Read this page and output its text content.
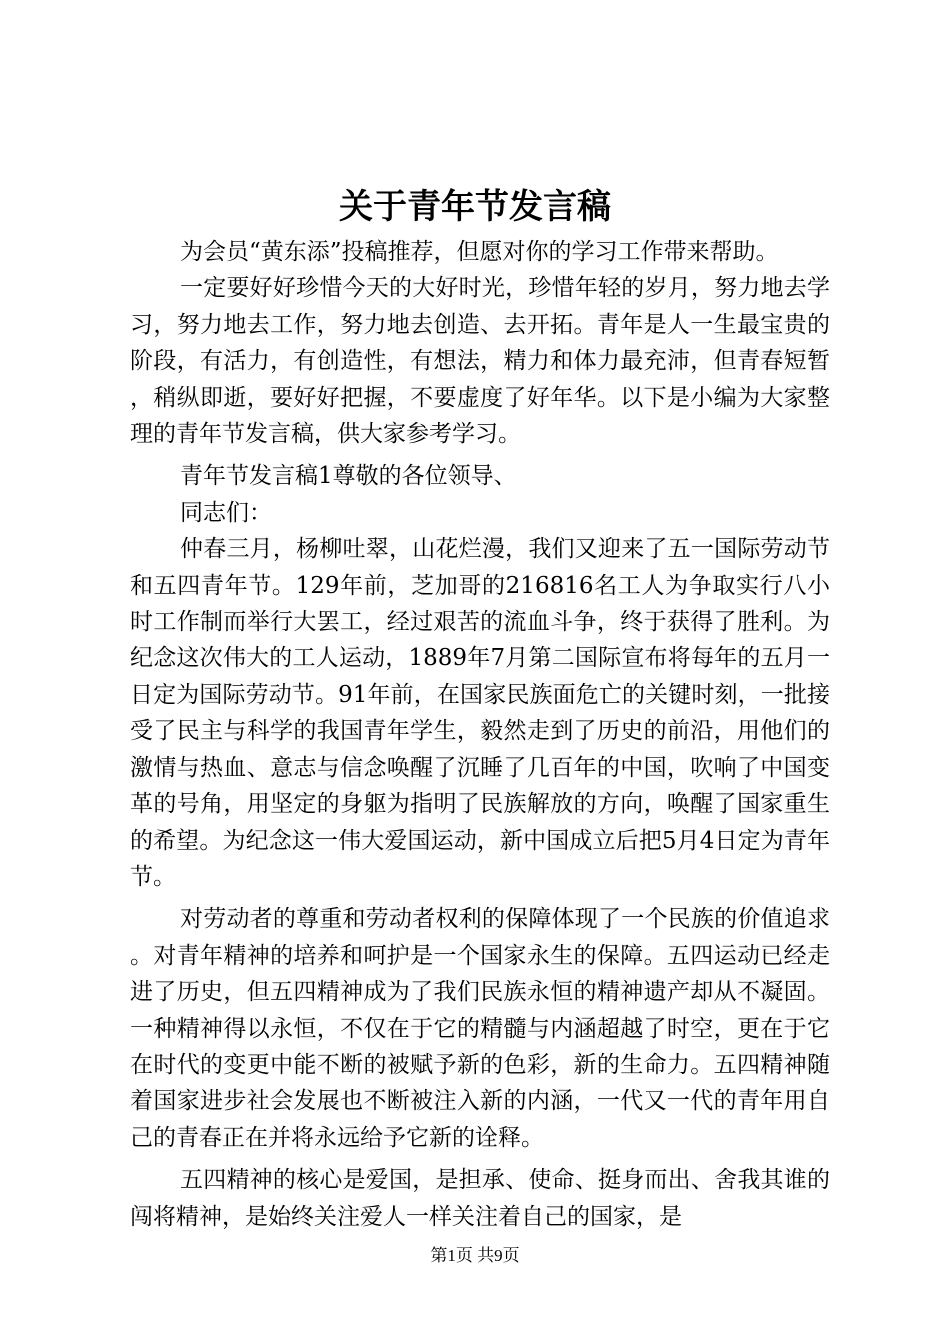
关于青年节发言稿

为会员“黄东添”投稿推荐，但愿对你的学习工作带来帮助。

一定要好好珍惜今天的大好时光，珍惜年轻的岁月，努力地去学习，努力地去工作，努力地去创造、去开拓。青年是人一生最宝贵的阶段，有活力，有创造性，有想法，精力和体力最充沛，但青春短暂，稍纵即逝，要好好把握，不要虚度了好年华。以下是小编为大家整理的青年节发言稿，供大家参考学习。

青年节发言稿1尊敬的各位领导、

同志们：

仲春三月，杨柳吐翠，山花烂漫，我们又迎来了五一国际劳动节和五四青年节。129年前，芝加哥的216816名工人为争取实行八小时工作制而举行大罢工，经过艰苦的流血斗争，终于获得了胜利。为纪念这次伟大的工人运动，1889年7月第二国际宣布将每年的五月一日定为国际劳动节。91年前，在国家民族面危亡的关键时刻，一批接受了民主与科学的我国青年学生，毅然走到了历史的前沿，用他们的激情与热血、意志与信念唤醒了沉睡了几百年的中国，吹响了中国变革的号角，用坚定的身躯为指明了民族解放的方向，唤醒了国家重生的希望。为纪念这一伟大爱国运动，新中国成立后把5月4日定为青年节。

对劳动者的尊重和劳动者权利的保障体现了一个民族的价值追求。对青年精神的培养和呵护是一个国家永生的保障。五四运动已经走进了历史，但五四精神成为了我们民族永恒的精神遗产却从不凝固。一种精神得以永恒，不仅在于它的精髓与内涵超越了时空，更在于它在时代的变更中能不断的被赋予新的色彩，新的生命力。五四精神随着国家进步社会发展也不断被注入新的内涵，一代又一代的青年用自己的青春正在并将永远给予它新的诠释。

五四精神的核心是爱国，是担承、使命、挺身而出、舍我其谁的闯将精神，是始终关注爱人一样关注着自己的国家，是

第1页 共9页
